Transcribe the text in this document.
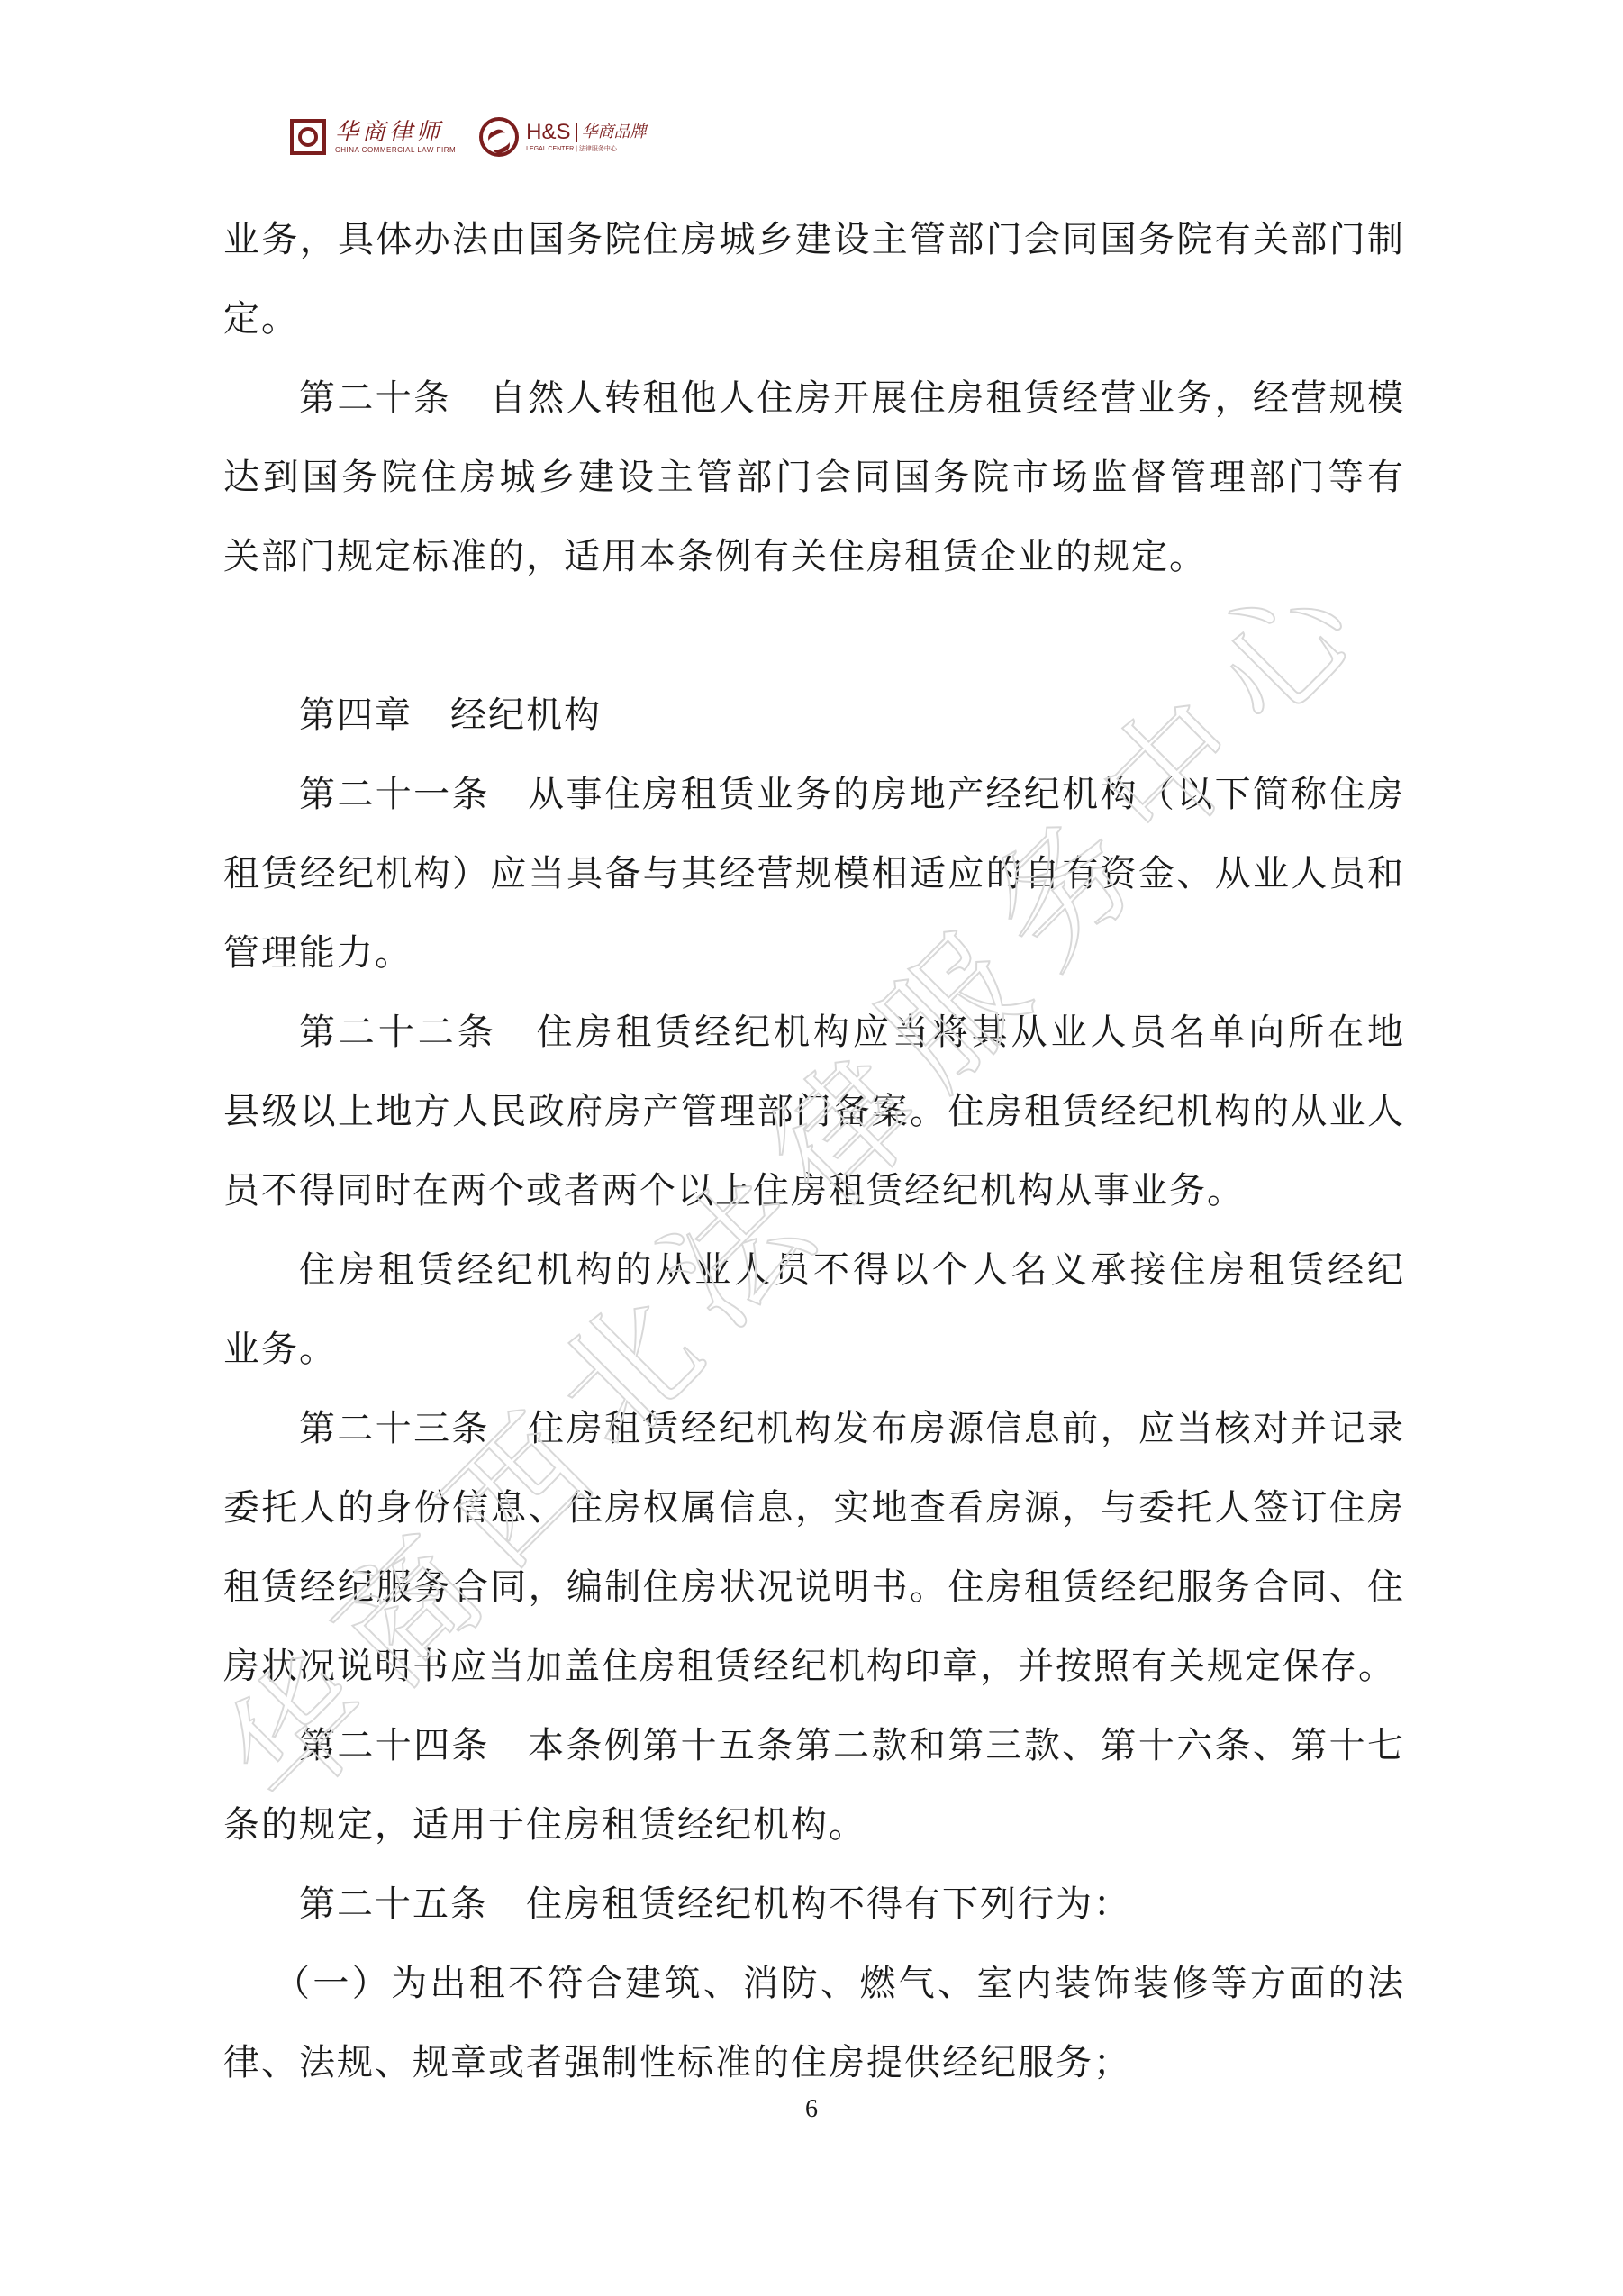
华商律师
CHINA COMMERCIAL LAW FIRM
H&S 华商品牌
LEGAL CENTER | 法律服务中心
业务，具体办法由国务院住房城乡建设主管部门会同国务院有关部门制
定。
第二十条　自然人转租他人住房开展住房租赁经营业务，经营规模
达到国务院住房城乡建设主管部门会同国务院市场监督管理部门等有
关部门规定标准的，适用本条例有关住房租赁企业的规定。
第四章　经纪机构
第二十一条　从事住房租赁业务的房地产经纪机构（以下简称住房
租赁经纪机构）应当具备与其经营规模相适应的自有资金、从业人员和
管理能力。
第二十二条　住房租赁经纪机构应当将其从业人员名单向所在地
县级以上地方人民政府房产管理部门备案。住房租赁经纪机构的从业人
员不得同时在两个或者两个以上住房租赁经纪机构从事业务。
住房租赁经纪机构的从业人员不得以个人名义承接住房租赁经纪
业务。
第二十三条　住房租赁经纪机构发布房源信息前，应当核对并记录
委托人的身份信息、住房权属信息，实地查看房源，与委托人签订住房
租赁经纪服务合同，编制住房状况说明书。住房租赁经纪服务合同、住
房状况说明书应当加盖住房租赁经纪机构印章，并按照有关规定保存。
第二十四条　本条例第十五条第二款和第三款、第十六条、第十七
条的规定，适用于住房租赁经纪机构。
第二十五条　住房租赁经纪机构不得有下列行为：
（一）为出租不符合建筑、消防、燃气、室内装饰装修等方面的法
律、法规、规章或者强制性标准的住房提供经纪服务；
华
商
西
北
法
律
服
务
中
心
6
